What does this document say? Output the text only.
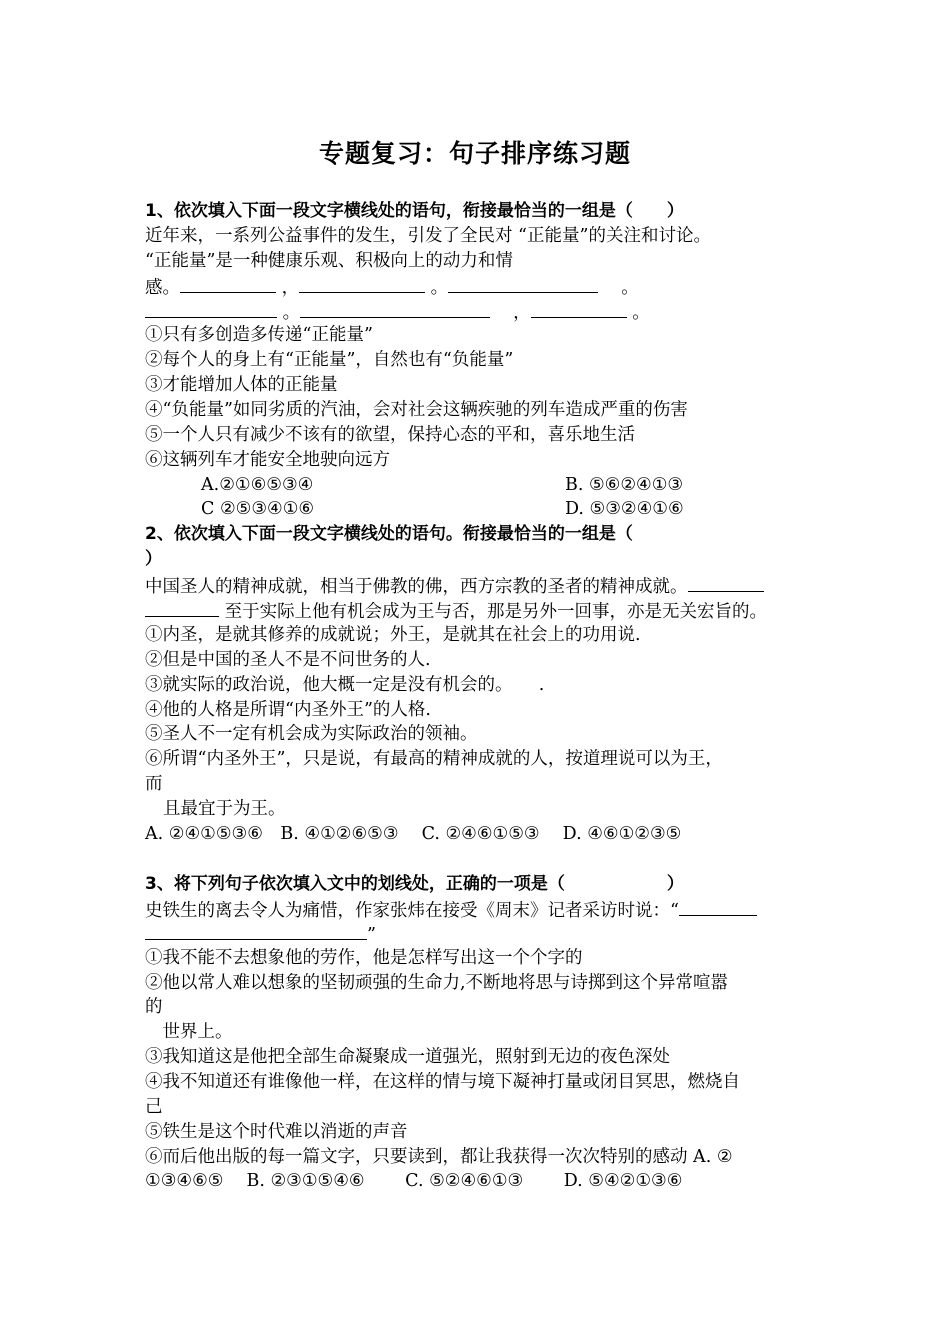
专题复习：句子排序练习题
1、依次填入下面一段文字横线处的语句，衔接最恰当的一组是（　　）
近年来，一系列公益事件的发生，引发了全民对 “正能量”的关注和讨论。
“正能量”是一种健康乐观、积极向上的动力和情
感。	，	。	　 。
。	　 ，	。
①只有多创造多传递“正能量”
②每个人的身上有“正能量”，自然也有“负能量”
③才能增加人体的正能量
④“负能量”如同劣质的汽油，会对社会这辆疾驰的列车造成严重的伤害
⑤一个人只有减少不该有的欲望，保持心态的平和，喜乐地生活
⑥这辆列车才能安全地驶向远方
A.②①⑥⑤③④	B. ⑤⑥②④①③
C ②⑤③④①⑥	D. ⑤③②④①⑥
2、依次填入下面一段文字横线处的语句。衔接最恰当的一组是（
）
中国圣人的精神成就，相当于佛教的佛，西方宗教的圣者的精神成就。
至于实际上他有机会成为王与否，那是另外一回事，亦是无关宏旨的。
①内圣，是就其修养的成就说；外王，是就其在社会上的功用说.
②但是中国的圣人不是不问世务的人.
③就实际的政治说，他大概一定是没有机会的。　　.
④他的人格是所谓“内圣外王”的人格.
⑤圣人不一定有机会成为实际政治的领袖。
⑥所谓“内圣外王”，只是说，有最高的精神成就的人，按道理说可以为王，
而
且最宜于为王。
A. ②④①⑤③⑥　B. ④①②⑥⑤③　 C. ②④⑥①⑤③　 D. ④⑥①②③⑤
3、将下列句子依次填入文中的划线处，正确的一项是（　　　　　　）
史铁生的离去令人为痛惜，作家张炜在接受《周末》记者采访时说：“
”
①我不能不去想象他的劳作，他是怎样写出这一个个字的
②他以常人难以想象的坚韧顽强的生命力,不断地将思与诗掷到这个异常喧嚣
的
　世界上。
③我知道这是他把全部生命凝聚成一道强光，照射到无边的夜色深处
④我不知道还有谁像他一样，在这样的情与境下凝神打量或闭目冥思，燃烧自
己
⑤铁生是这个时代难以消逝的声音
⑥而后他出版的每一篇文字，只要读到，都让我获得一次次特别的感动 A. ②
①③④⑥⑤　 B. ②③①⑤④⑥　　 C. ⑤②④⑥①③　　 D. ⑤④②①③⑥
